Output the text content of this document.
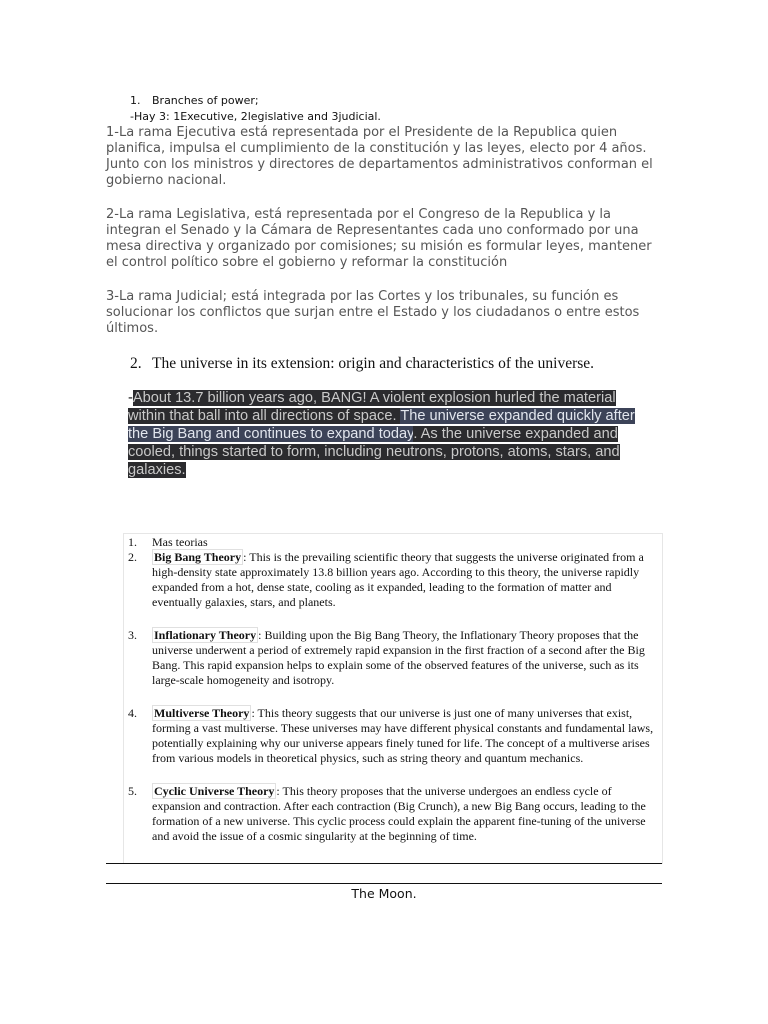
1. Branches of power;
-Hay 3: 1Executive, 2legislative and 3judicial.

1-La rama Ejecutiva está representada por el Presidente de la Republica quien planifica, impulsa el cumplimiento de la constitución y las leyes, electo por 4 años. Junto con los ministros y directores de departamentos administrativos conforman el gobierno nacional.

2-La rama Legislativa, está representada por el Congreso de la Republica y la integran el Senado y la Cámara de Representantes cada uno conformado por una mesa directiva y organizado por comisiones; su misión es formular leyes, mantener el control político sobre el gobierno y reformar la constitución

3-La rama Judicial; está integrada por las Cortes y los tribunales, su función es solucionar los conflictos que surjan entre el Estado y los ciudadanos o entre estos últimos.

2. The universe in its extension: origin and characteristics of the universe.

-About 13.7 billion years ago, BANG! A violent explosion hurled the material within that ball into all directions of space. The universe expanded quickly after the Big Bang and continues to expand today. As the universe expanded and cooled, things started to form, including neutrons, protons, atoms, stars, and galaxies.

1.	Mas teorias
2.	Big Bang Theory : This is the prevailing scientific theory that suggests the universe originated from a high-density state approximately 13.8 billion years ago. According to this theory, the universe rapidly expanded from a hot, dense state, cooling as it expanded, leading to the formation of matter and eventually galaxies, stars, and planets.
3.	Inflationary Theory : Building upon the Big Bang Theory, the Inflationary Theory proposes that the universe underwent a period of extremely rapid expansion in the first fraction of a second after the Big Bang. This rapid expansion helps to explain some of the observed features of the universe, such as its large-scale homogeneity and isotropy.
4.	Multiverse Theory : This theory suggests that our universe is just one of many universes that exist, forming a vast multiverse. These universes may have different physical constants and fundamental laws, potentially explaining why our universe appears finely tuned for life. The concept of a multiverse arises from various models in theoretical physics, such as string theory and quantum mechanics.
5.	Cyclic Universe Theory : This theory proposes that the universe undergoes an endless cycle of expansion and contraction. After each contraction (Big Crunch), a new Big Bang occurs, leading to the formation of a new universe. This cyclic process could explain the apparent fine-tuning of the universe and avoid the issue of a cosmic singularity at the beginning of time.
The Moon.
